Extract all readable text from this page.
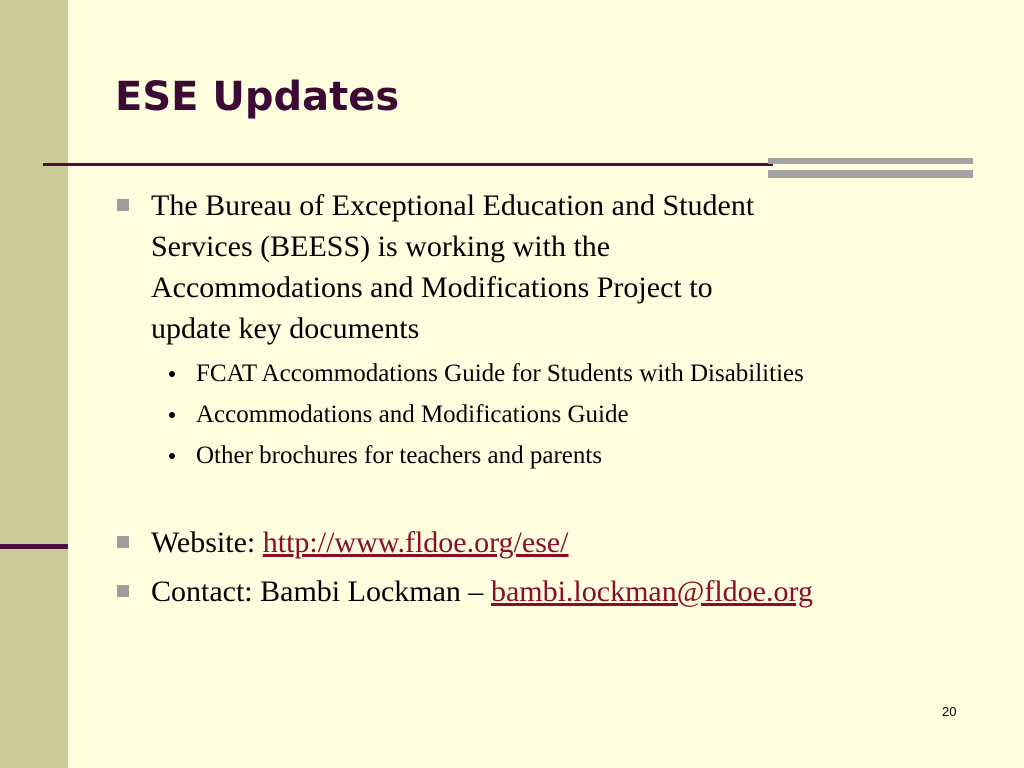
ESE Updates
The Bureau of Exceptional Education and Student
Services (BEESS) is working with the
Accommodations and Modifications Project to
update key documents
FCAT Accommodations Guide for Students with Disabilities
Accommodations and Modifications Guide
Other brochures for teachers and parents
Website: http://www.fldoe.org/ese/
Contact: Bambi Lockman – bambi.lockman@fldoe.org
20
